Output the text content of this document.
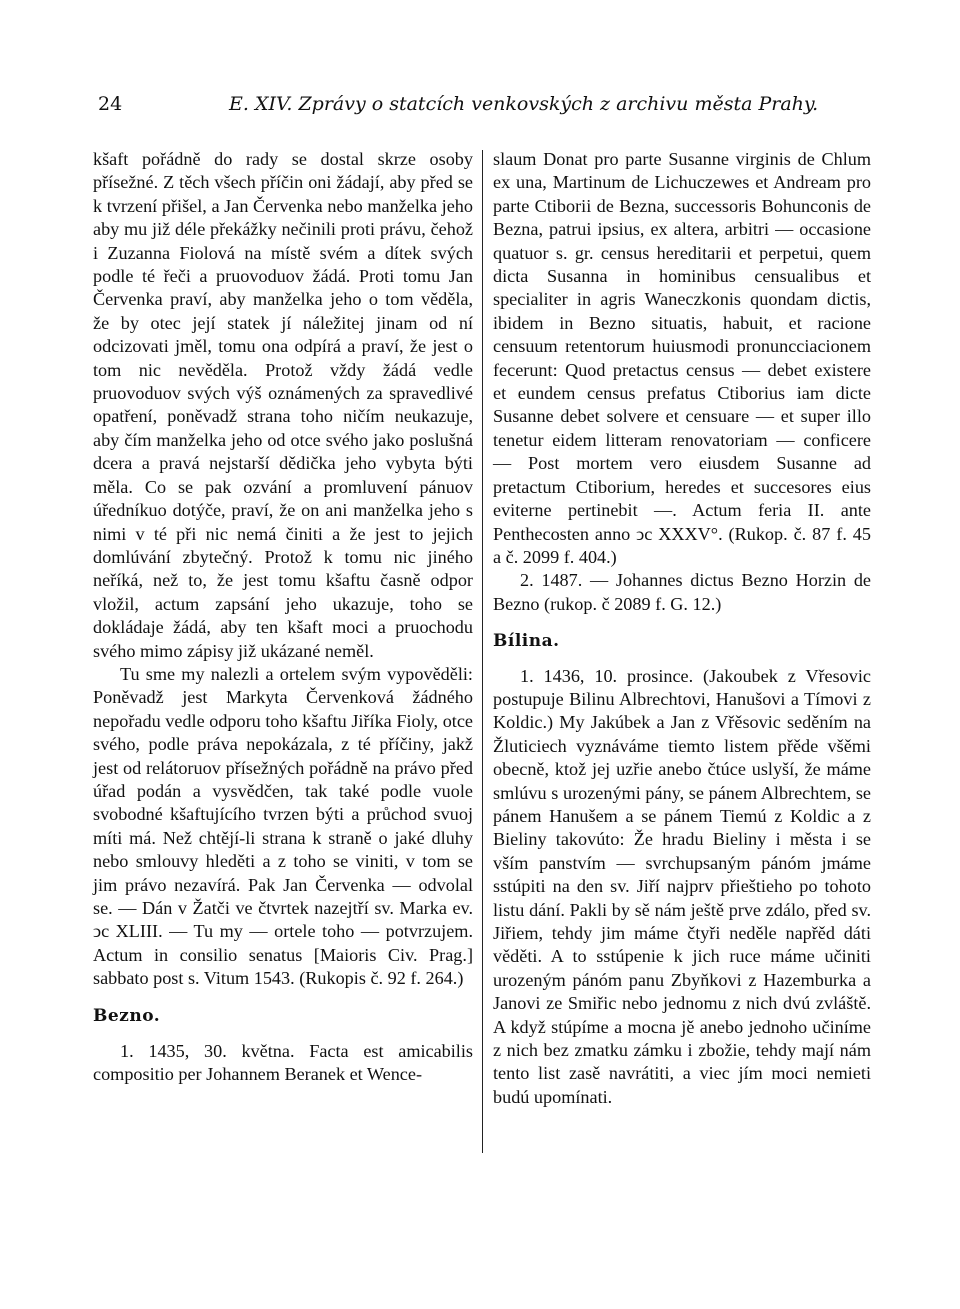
24	E. XIV. Zprávy o statcích venkovských z archivu města Prahy.

kšaft pořádně do rady se dostal skrze osoby přísežné. Z těch všech příčin oni žádají, aby před se k tvrzení přišel, a Jan Červenka nebo manželka jeho aby mu již déle překážky nečinili proti právu, čehož i Zuzanna Fiolová na místě svém a dítek svých podle té řeči a pruovoduov žádá. Proti tomu Jan Červenka praví, aby manželka jeho o tom věděla, že by otec její statek jí náležitej jinam od ní odcizovati jměl, tomu ona odpírá a praví, že jest o tom nic nevěděla. Protož vždy žádá vedle pruovoduov svých výš oznámených za spravedlivé opatření, poněvadž strana toho ničím neukazuje, aby čím manželka jeho od otce svého jako poslušná dcera a pravá nejstarší dědička jeho vybyta býti měla. Co se pak ozvání a promluvení pánuov úředníkuo dotýče, praví, že on ani manželka jeho s nimi v té při nic nemá činiti a že jest to jejich domlúvání zbytečný. Protož k tomu nic jiného neříká, než to, že jest tomu kšaftu časně odpor vložil, actum zapsání jeho ukazuje, toho se dokládaje žádá, aby ten kšaft moci a pruochodu svého mimo zápisy již ukázané neměl.

Tu sme my nalezli a ortelem svým vypověděli: Poněvadž jest Markyta Červenková žádného nepořadu vedle odporu toho kšaftu Jiříka Fioly, otce svého, podle práva nepokázala, z té příčiny, jakž jest od relátoruov přísežných pořádně na právo před úřad podán a vysvědčen, tak také podle vuole svobodné kšaftujícího tvrzen býti a průchod svuoj míti má. Než chtějí-li strana k straně o jaké dluhy nebo smlouvy hleděti a z toho se viniti, v tom se jim právo nezavírá. Pak Jan Červenka — odvolal se. — Dán v Žatči ve čtvrtek nazejtří sv. Marka ev. ↄc XLIII. — Tu my — ortele toho — potvrzujem. Actum in consilio senatus [Maioris Civ. Prag.] sabbato post s. Vitum 1543. (Rukopis č. 92 f. 264.)

Bezno.

1. 1435, 30. května. Facta est amicabilis compositio per Johannem Beranek et Wence-

slaum Donat pro parte Susanne virginis de Chlum ex una, Martinum de Lichuczewes et Andream pro parte Ctiborii de Bezna, successoris Bohunconis de Bezna, patrui ipsius, ex altera, arbitri — occasione quatuor s. gr. census hereditarii et perpetui, quem dicta Susanna in hominibus censualibus et specialiter in agris Waneczkonis quondam dictis, ibidem in Bezno situatis, habuit, et racione censuum retentorum huiusmodi pronuncciacionem fecerunt: Quod pretactus census — debet existere et eundem census prefatus Ctiborius iam dicte Susanne debet solvere et censuare — et super illo tenetur eidem litteram renovatoriam — conficere — Post mortem vero eiusdem Susanne ad pretactum Ctiborium, heredes et succesores eius eviterne pertinebit —. Actum feria II. ante Penthecosten anno ↄc XXXV°. (Rukop. č. 87 f. 45 a č. 2099 f. 404.)

2. 1487. — Johannes dictus Bezno Horzin de Bezno (rukop. č 2089 f. G. 12.)

Bílina.

1. 1436, 10. prosince. (Jakoubek z Vřesovic postupuje Bilinu Albrechtovi, Hanušovi a Tímovi z Koldic.) My Jakúbek a Jan z Vřěsovic seděním na Žluticiech vyznáváme tiemto listem přěde všěmi obecně, ktož jej uzřie anebo čtúce uslyší, že máme smlúvu s urozenými pány, se pánem Albrechtem, se pánem Hanušem a se pánem Tiemú z Koldic a z Bieliny takovúto: Že hradu Bieliny i města i se vším panstvím — svrchupsaným pánóm jmáme sstúpiti na den sv. Jiří najprv přieštieho po tohoto listu dání. Pakli by sě nám ještě prve zdálo, před sv. Jiřiem, tehdy jim máme čtyři neděle napřěd dáti věděti. A to sstúpenie k jich ruce máme učiniti urozeným pánóm panu Zbyňkovi z Hazemburka a Janovi ze Smiřic nebo jednomu z nich dvú zvláště. A když stúpíme a mocna jě anebo jednoho učiníme z nich bez zmatku zámku i zbožie, tehdy mají nám tento list zasě navrátiti, a viec jím moci nemieti budú upomínati.
